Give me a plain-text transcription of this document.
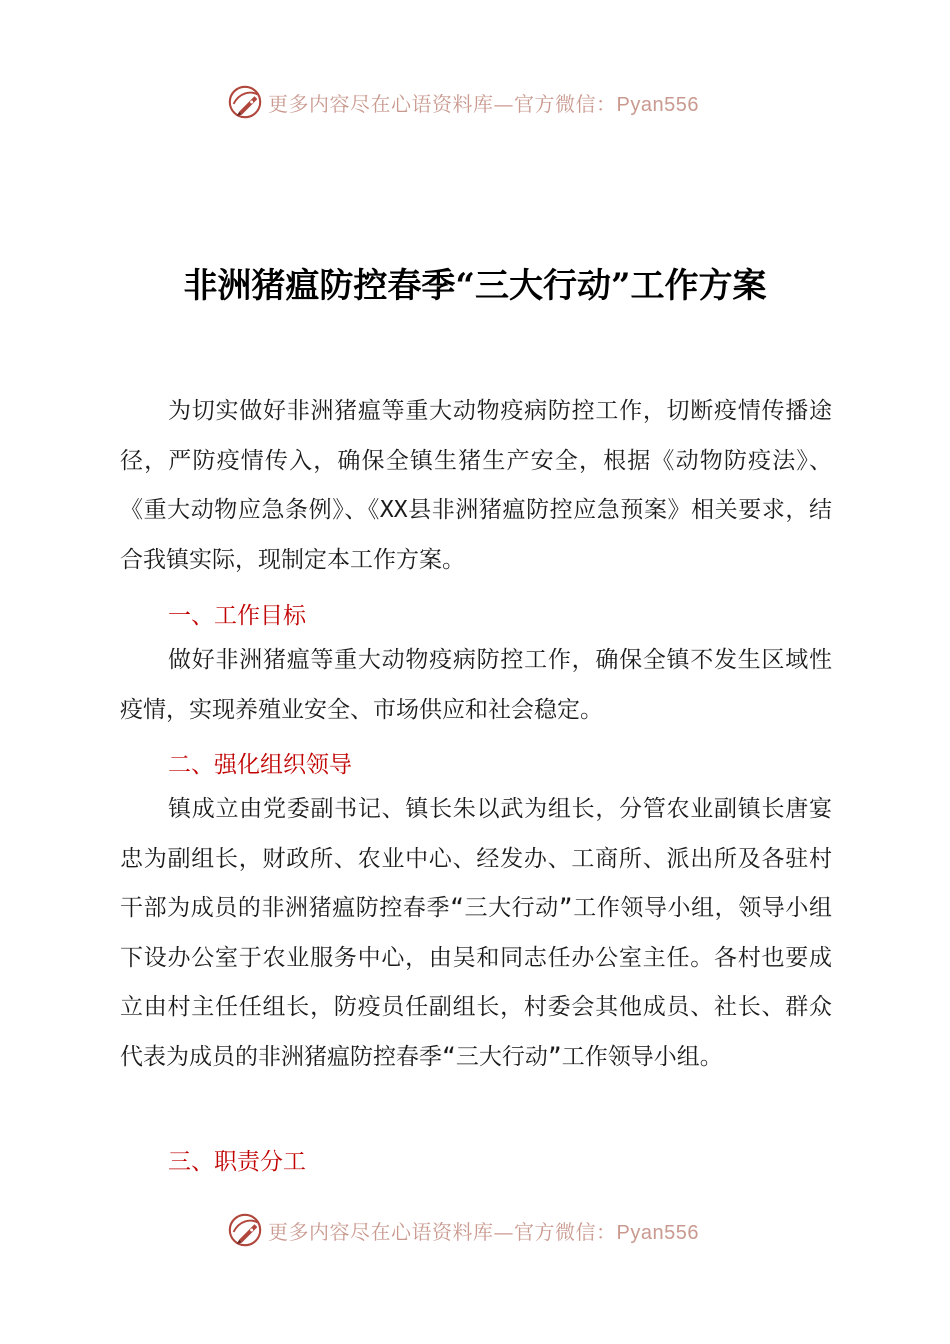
更多内容尽在心语资料库—官方微信：Pyan556
非洲猪瘟防控春季“三大行动”工作方案

为切实做好非洲猪瘟等重大动物疫病防控工作，切断疫情传播途径，严防疫情传入，确保全镇生猪生产安全，根据《动物防疫法》、《重大动物应急条例》、《XX县非洲猪瘟防控应急预案》相关要求，结合我镇实际，现制定本工作方案。

一、工作目标

做好非洲猪瘟等重大动物疫病防控工作，确保全镇不发生区域性疫情，实现养殖业安全、市场供应和社会稳定。

二、强化组织领导

镇成立由党委副书记、镇长朱以武为组长，分管农业副镇长唐宴忠为副组长，财政所、农业中心、经发办、工商所、派出所及各驻村干部为成员的非洲猪瘟防控春季“三大行动”工作领导小组，领导小组下设办公室于农业服务中心，由吴和同志任办公室主任。各村也要成立由村主任任组长，防疫员任副组长，村委会其他成员、社长、群众代表为成员的非洲猪瘟防控春季“三大行动”工作领导小组。

三、职责分工

更多内容尽在心语资料库—官方微信：Pyan556
